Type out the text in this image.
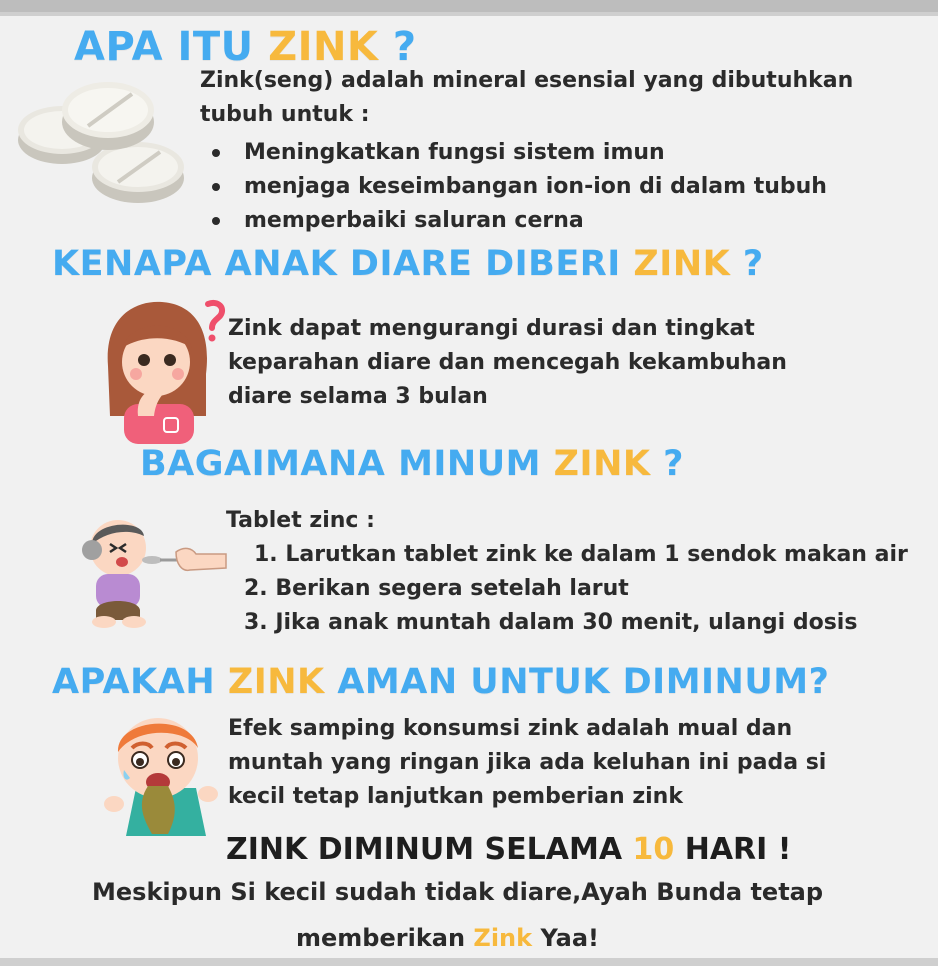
APA ITU ZINK ?
Zink(seng) adalah mineral esensial yang dibutuhkan
tubuh untuk :
Meningkatkan fungsi sistem imun
menjaga keseimbangan ion-ion di dalam tubuh
memperbaiki saluran cerna
KENAPA ANAK DIARE DIBERI ZINK ?
Zink dapat mengurangi durasi dan tingkat
keparahan diare dan mencegah kekambuhan
diare selama 3 bulan
BAGAIMANA MINUM ZINK ?
Tablet zinc :
1. Larutkan tablet zink ke dalam 1 sendok makan air
2. Berikan segera setelah larut
3. Jika anak muntah dalam 30 menit, ulangi dosis
APAKAH ZINK AMAN UNTUK DIMINUM?
Efek samping konsumsi zink adalah mual dan
muntah yang ringan jika ada keluhan ini pada si
kecil tetap lanjutkan pemberian zink
ZINK DIMINUM SELAMA 10 HARI !
Meskipun Si kecil sudah tidak diare,Ayah Bunda tetap
memberikan Zink Yaa!
